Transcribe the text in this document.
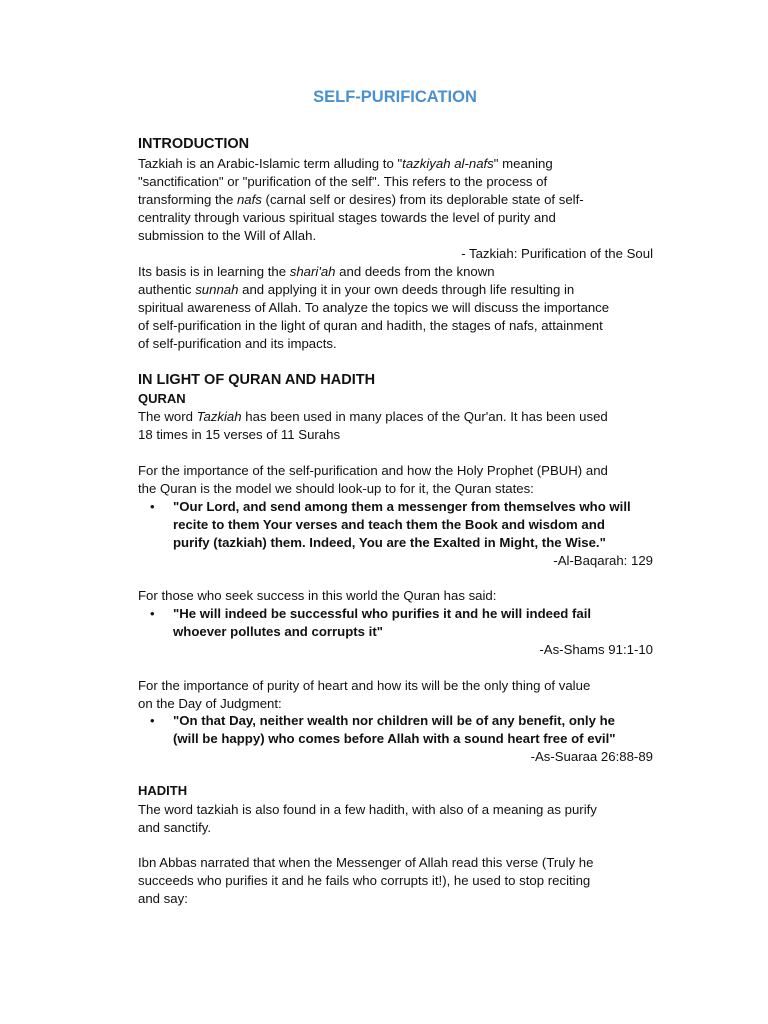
SELF-PURIFICATION
INTRODUCTION
Tazkiah is an Arabic-Islamic term alluding to "tazkiyah al-nafs" meaning
"sanctification" or "purification of the self". This refers to the process of
transforming the nafs (carnal self or desires) from its deplorable state of self-
centrality through various spiritual stages towards the level of purity and
submission to the Will of Allah.
- Tazkiah: Purification of the Soul
Its basis is in learning the shari'ah and deeds from the known
authentic sunnah and applying it in your own deeds through life resulting in
spiritual awareness of Allah. To analyze the topics we will discuss the importance
of self-purification in the light of quran and hadith, the stages of nafs, attainment
of self-purification and its impacts.
IN LIGHT OF QURAN AND HADITH
QURAN
The word Tazkiah has been used in many places of the Qur'an. It has been used
18 times in 15 verses of 11 Surahs
For the importance of the self-purification and how the Holy Prophet (PBUH) and
the Quran is the model we should look-up to for it, the Quran states:
• "Our Lord, and send among them a messenger from themselves who will
recite to them Your verses and teach them the Book and wisdom and
purify (tazkiah) them. Indeed, You are the Exalted in Might, the Wise."
-Al-Baqarah: 129
For those who seek success in this world the Quran has said:
• "He will indeed be successful who purifies it and he will indeed fail
whoever pollutes and corrupts it"
-As-Shams 91:1-10
For the importance of purity of heart and how its will be the only thing of value
on the Day of Judgment:
• "On that Day, neither wealth nor children will be of any benefit, only he
(will be happy) who comes before Allah with a sound heart free of evil"
-As-Suaraa 26:88-89
HADITH
The word tazkiah is also found in a few hadith, with also of a meaning as purify
and sanctify.
Ibn Abbas narrated that when the Messenger of Allah read this verse (Truly he
succeeds who purifies it and he fails who corrupts it!), he used to stop reciting
and say:
